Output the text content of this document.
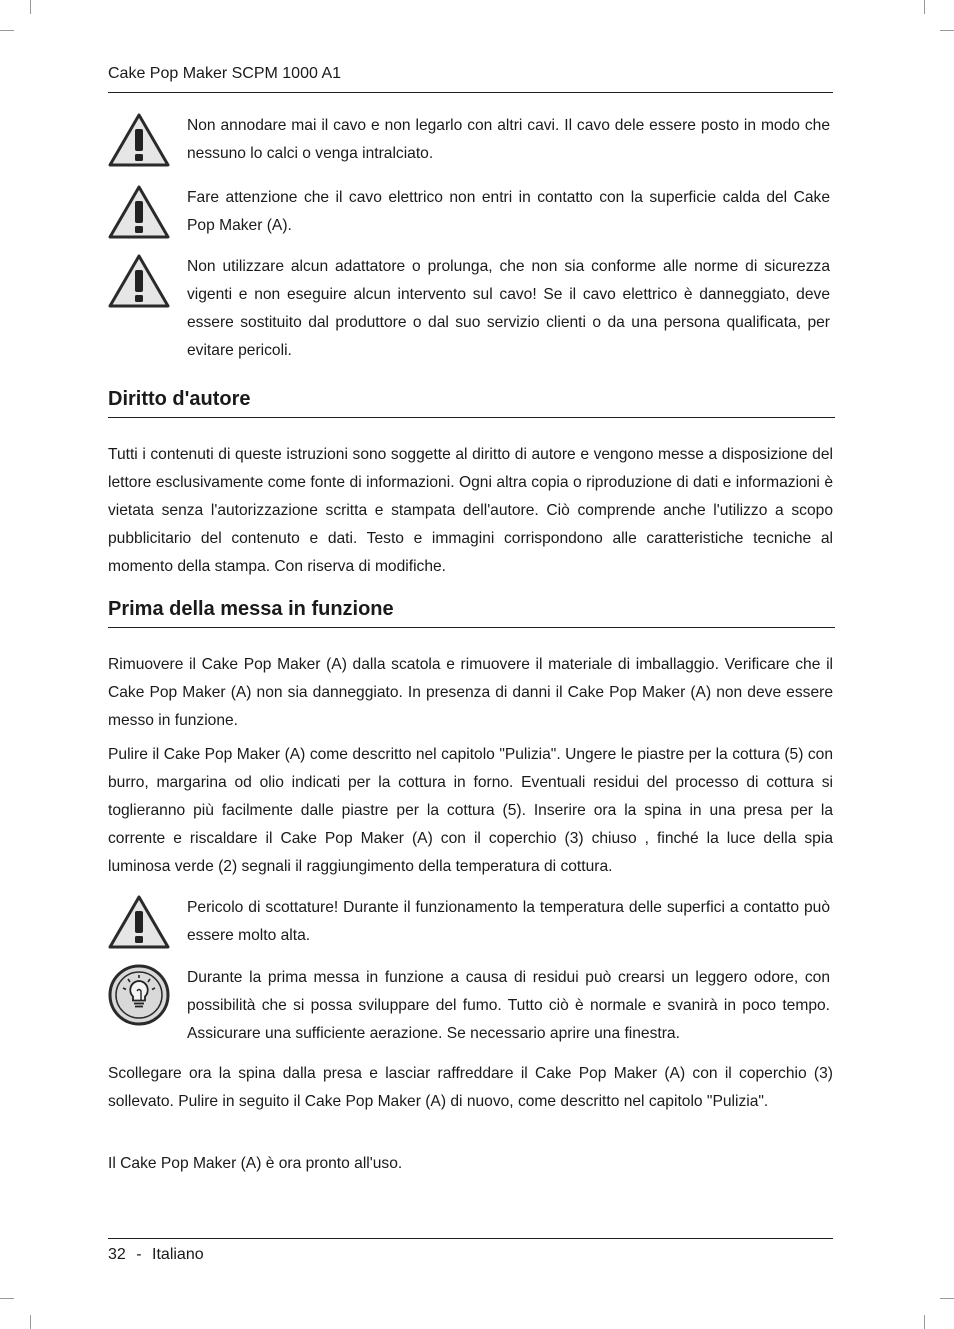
Cake Pop Maker SCPM 1000 A1

Non annodare mai il cavo e non legarlo con altri cavi. Il cavo dele essere posto in modo che nessuno lo calci o venga intralciato.

Fare attenzione che il cavo elettrico non entri in contatto con la superficie calda del Cake Pop Maker (A).

Non utilizzare alcun adattatore o prolunga, che non sia conforme alle norme di sicurezza vigenti e non eseguire alcun intervento sul cavo! Se il cavo elettrico è danneggiato, deve essere sostituito dal produttore o dal suo servizio clienti o da una persona qualificata, per evitare pericoli.

Diritto d'autore

Tutti i contenuti di queste istruzioni sono soggette al diritto di autore e vengono messe a disposizione del lettore esclusivamente come fonte di informazioni. Ogni altra copia o riproduzione di dati e informazioni è vietata senza l'autorizzazione scritta e stampata dell'autore. Ciò comprende anche l'utilizzo a scopo pubblicitario del contenuto e dati. Testo e immagini corrispondono alle caratteristiche tecniche al momento della stampa. Con riserva di modifiche.

Prima della messa in funzione

Rimuovere il Cake Pop Maker (A) dalla scatola e rimuovere il materiale di imballaggio. Verificare che il Cake Pop Maker (A) non sia danneggiato. In presenza di danni il Cake Pop Maker (A) non deve essere messo in funzione.

Pulire il Cake Pop Maker (A) come descritto nel capitolo "Pulizia". Ungere le piastre per la cottura (5) con burro, margarina od olio indicati per la cottura in forno. Eventuali residui del processo di cottura si toglieranno più facilmente dalle piastre per la cottura (5). Inserire ora la spina in una presa per la corrente e riscaldare il Cake Pop Maker (A) con il coperchio (3) chiuso , finché la luce della spia luminosa verde (2) segnali il raggiungimento della temperatura di cottura.

Pericolo di scottature! Durante il funzionamento la temperatura delle superfici a contatto può essere molto alta.

Durante la prima messa in funzione a causa di residui può crearsi un leggero odore, con possibilità che si possa sviluppare del fumo. Tutto ciò è normale e svanirà in poco tempo. Assicurare una sufficiente aerazione. Se necessario aprire una finestra.

Scollegare ora la spina dalla presa e lasciar raffreddare il Cake Pop Maker (A) con il coperchio (3) sollevato. Pulire in seguito il Cake Pop Maker (A) di nuovo, come descritto nel capitolo "Pulizia".

Il Cake Pop Maker (A) è ora pronto all'uso.

32 - Italiano
